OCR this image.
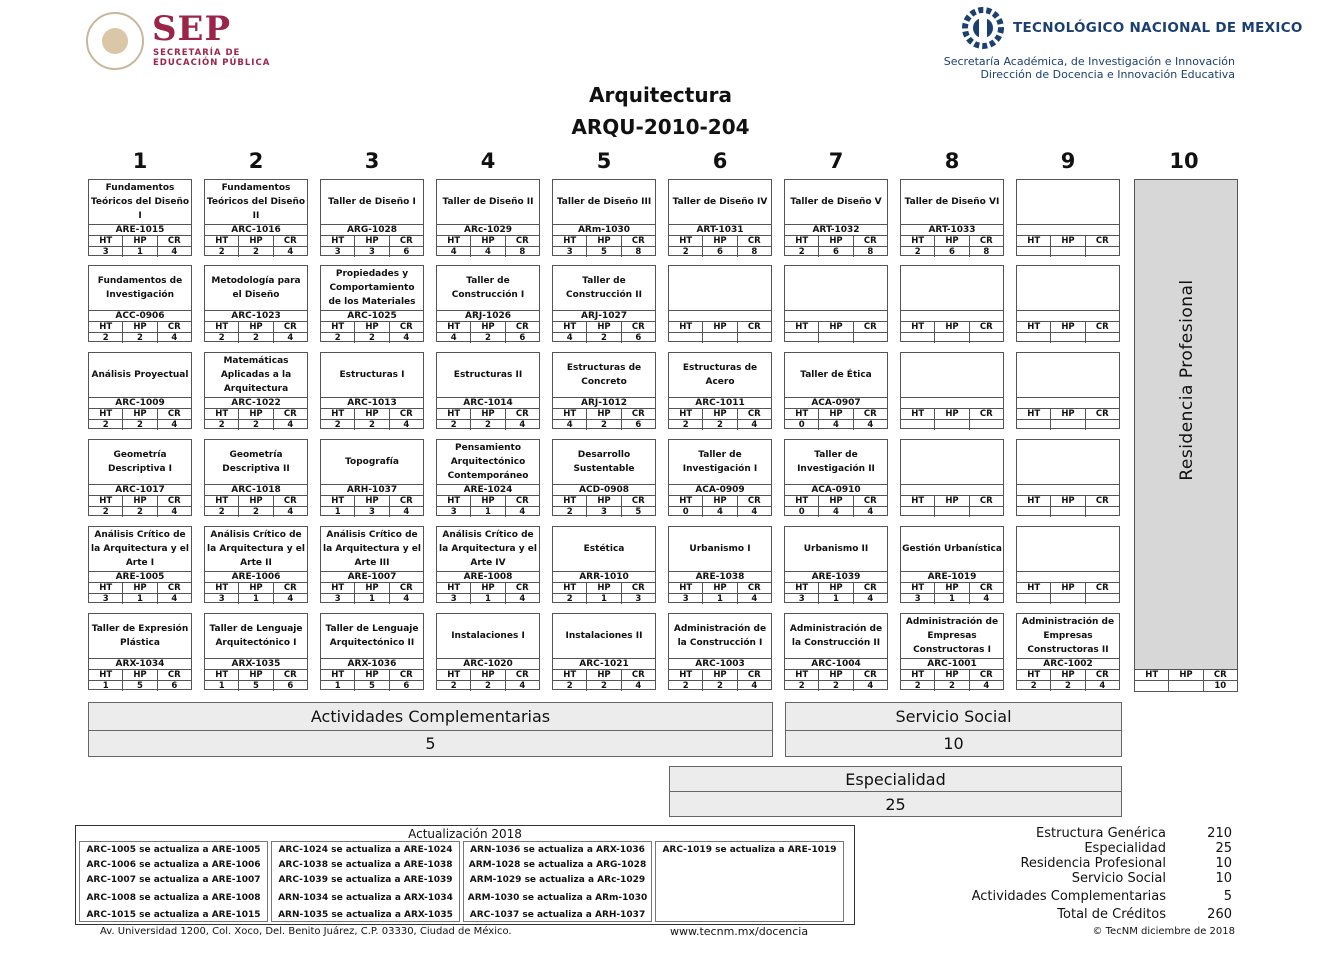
SEP
SECRETARÍA DE
EDUCACIÓN PÚBLICA
TECNOLÓGICO NACIONAL DE MEXICO
Secretaría Académica, de Investigación e Innovación
Dirección de Docencia e Innovación Educativa
Arquitectura
ARQU-2010-204
1	2	3	4	5	6	7	8	9	10
Fundamentos Teóricos del Diseño I
ARE-1015
HT	HP	CR
3	1	4
Fundamentos de Investigación
ACC-0906
HT	HP	CR
2	2	4
Análisis Proyectual
ARC-1009
HT	HP	CR
2	2	4
Geometría Descriptiva I
ARC-1017
HT	HP	CR
2	2	4
Análisis Crítico de la Arquitectura y el Arte I
ARE-1005
HT	HP	CR
3	1	4
Taller de Expresión Plástica
ARX-1034
HT	HP	CR
1	5	6
Fundamentos Teóricos del Diseño II
ARC-1016
HT	HP	CR
2	2	4
Metodología para el Diseño
ARC-1023
HT	HP	CR
2	2	4
Matemáticas Aplicadas a la Arquitectura
ARC-1022
HT	HP	CR
2	2	4
Geometría Descriptiva II
ARC-1018
HT	HP	CR
2	2	4
Análisis Crítico de la Arquitectura y el Arte II
ARE-1006
HT	HP	CR
3	1	4
Taller de Lenguaje Arquitectónico I
ARX-1035
HT	HP	CR
1	5	6
Taller de Diseño I
ARG-1028
HT	HP	CR
3	3	6
Propiedades y Comportamiento de los Materiales
ARC-1025
HT	HP	CR
2	2	4
Estructuras I
ARC-1013
HT	HP	CR
2	2	4
Topografía
ARH-1037
HT	HP	CR
1	3	4
Análisis Crítico de la Arquitectura y el Arte III
ARE-1007
HT	HP	CR
3	1	4
Taller de Lenguaje Arquitectónico II
ARX-1036
HT	HP	CR
1	5	6
Taller de Diseño II
ARc-1029
HT	HP	CR
4	4	8
Taller de Construcción I
ARJ-1026
HT	HP	CR
4	2	6
Estructuras II
ARC-1014
HT	HP	CR
2	2	4
Pensamiento Arquitectónico Contemporáneo
ARE-1024
HT	HP	CR
3	1	4
Análisis Crítico de la Arquitectura y el Arte IV
ARE-1008
HT	HP	CR
3	1	4
Instalaciones I
ARC-1020
HT	HP	CR
2	2	4
Taller de Diseño III
ARm-1030
HT	HP	CR
3	5	8
Taller de Construcción II
ARJ-1027
HT	HP	CR
4	2	6
Estructuras de Concreto
ARJ-1012
HT	HP	CR
4	2	6
Desarrollo Sustentable
ACD-0908
HT	HP	CR
2	3	5
Estética
ARR-1010
HT	HP	CR
2	1	3
Instalaciones II
ARC-1021
HT	HP	CR
2	2	4
Taller de Diseño IV
ART-1031
HT	HP	CR
2	6	8
HT	HP	CR
Estructuras de Acero
ARC-1011
HT	HP	CR
2	2	4
Taller de Investigación I
ACA-0909
HT	HP	CR
0	4	4
Urbanismo I
ARE-1038
HT	HP	CR
3	1	4
Administración de la Construcción I
ARC-1003
HT	HP	CR
2	2	4
Taller de Diseño V
ART-1032
HT	HP	CR
2	6	8
HT	HP	CR
Taller de Ética
ACA-0907
HT	HP	CR
0	4	4
Taller de Investigación II
ACA-0910
HT	HP	CR
0	4	4
Urbanismo II
ARE-1039
HT	HP	CR
3	1	4
Administración de la Construcción II
ARC-1004
HT	HP	CR
2	2	4
Taller de Diseño VI
ART-1033
HT	HP	CR
2	6	8
HT	HP	CR
HT	HP	CR
HT	HP	CR
Gestión Urbanística
ARE-1019
HT	HP	CR
3	1	4
Administración de Empresas Constructoras I
ARC-1001
HT	HP	CR
2	2	4
HT	HP	CR
HT	HP	CR
HT	HP	CR
HT	HP	CR
HT	HP	CR
Administración de Empresas Constructoras II
ARC-1002
HT	HP	CR
2	2	4
Residencia Profesional
HT	HP	CR
10
Actividades Complementarias
5
Servicio Social
10
Especialidad
25
Actualización 2018
ARC-1005 se actualiza a ARE-1005
ARC-1006 se actualiza a ARE-1006
ARC-1007 se actualiza a ARE-1007
ARC-1008 se actualiza a ARE-1008
ARC-1015 se actualiza a ARE-1015
ARC-1024 se actualiza a ARE-1024
ARC-1038 se actualiza a ARE-1038
ARC-1039 se actualiza a ARE-1039
ARN-1034 se actualiza a ARX-1034
ARN-1035 se actualiza a ARX-1035
ARN-1036 se actualiza a ARX-1036
ARM-1028 se actualiza a ARG-1028
ARM-1029 se actualiza a ARc-1029
ARM-1030 se actualiza a ARm-1030
ARC-1037 se actualiza a ARH-1037
ARC-1019 se actualiza a ARE-1019
Estructura Genérica	210
Especialidad	25
Residencia Profesional	10
Servicio Social	10
Actividades Complementarias	5
Total de Créditos	260
Av. Universidad 1200, Col. Xoco, Del. Benito Juárez, C.P. 03330, Ciudad de México.	www.tecnm.mx/docencia	© TecNM diciembre de 2018
